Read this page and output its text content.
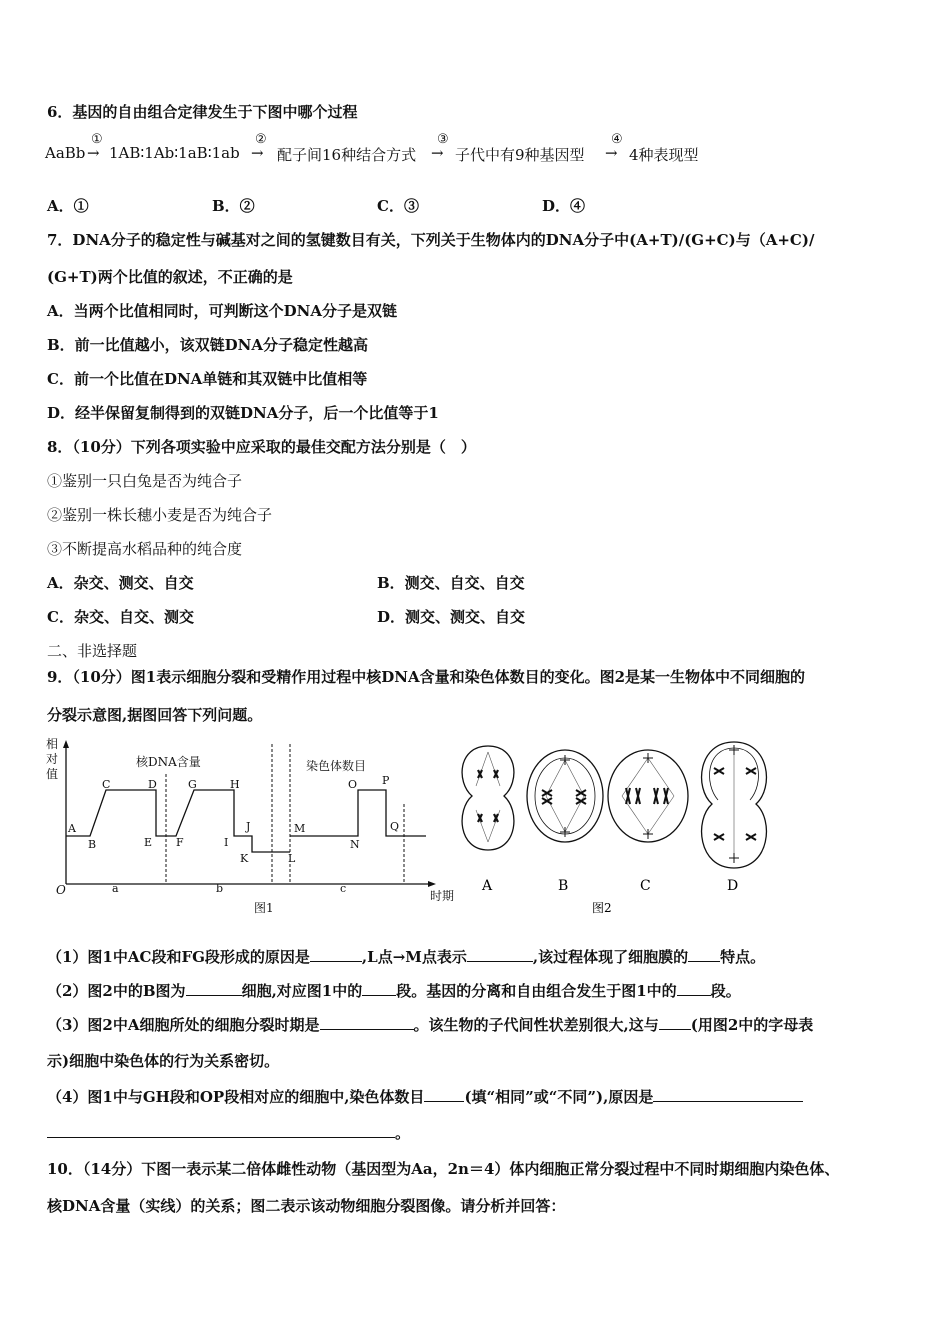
6．基因的自由组合定律发生于下图中哪个过程
AaBb
①
→ 1AB∶1Ab∶1aB∶1ab
②
→ 配子间16种结合方式
③
→ 子代中有9种基因型
④
→ 4种表现型
A．①	B．②	C．③	D．④
7．DNA分子的稳定性与碱基对之间的氢键数目有关，下列关于生物体内的DNA分子中(A+T)/(G+C)与（A+C)/
(G+T)两个比值的叙述，不正确的是
A．当两个比值相同时，可判断这个DNA分子是双链
B．前一比值越小，该双链DNA分子稳定性越高
C．前一个比值在DNA单链和其双链中比值相等
D．经半保留复制得到的双链DNA分子，后一个比值等于1
8．（10分）下列各项实验中应采取的最佳交配方法分别是（　）
①鉴别一只白兔是否为纯合子
②鉴别一株长穗小麦是否为纯合子
③不断提高水稻品种的纯合度
A．杂交、测交、自交	B．测交、自交、自交
C．杂交、自交、测交	D．测交、测交、自交
二、非选择题
9．（10分）图1表示细胞分裂和受精作用过程中核DNA含量和染色体数目的变化。图2是某一生物体中不同细胞的
分裂示意图,据图回答下列问题。
相
对
值
O	时期
核DNA含量	染色体数目
图1
a	b	c
A
B
C	D
E F
G	H
I
J
K	L
M
N
O P
Q
A	B	C	D
图2
（1）图1中AC段和FG段形成的原因是	,L点→M点表示	,该过程体现了细胞膜的 特点。
（2）图2中的B图为	细胞,对应图1中的 段。基因的分离和自由组合发生于图1中的 段。
（3）图2中A细胞所处的细胞分裂时期是	。该生物的子代间性状差别很大,这与 (用图2中的字母表
示)细胞中染色体的行为关系密切。
（4）图1中与GH段和OP段相对应的细胞中,染色体数目	(填“相同”或“不同”),原因是
。
10．（14分）下图一表示某二倍体雌性动物（基因型为Aa，2n＝4）体内细胞正常分裂过程中不同时期细胞内染色体、
核DNA含量（实线）的关系；图二表示该动物细胞分裂图像。请分析并回答：
